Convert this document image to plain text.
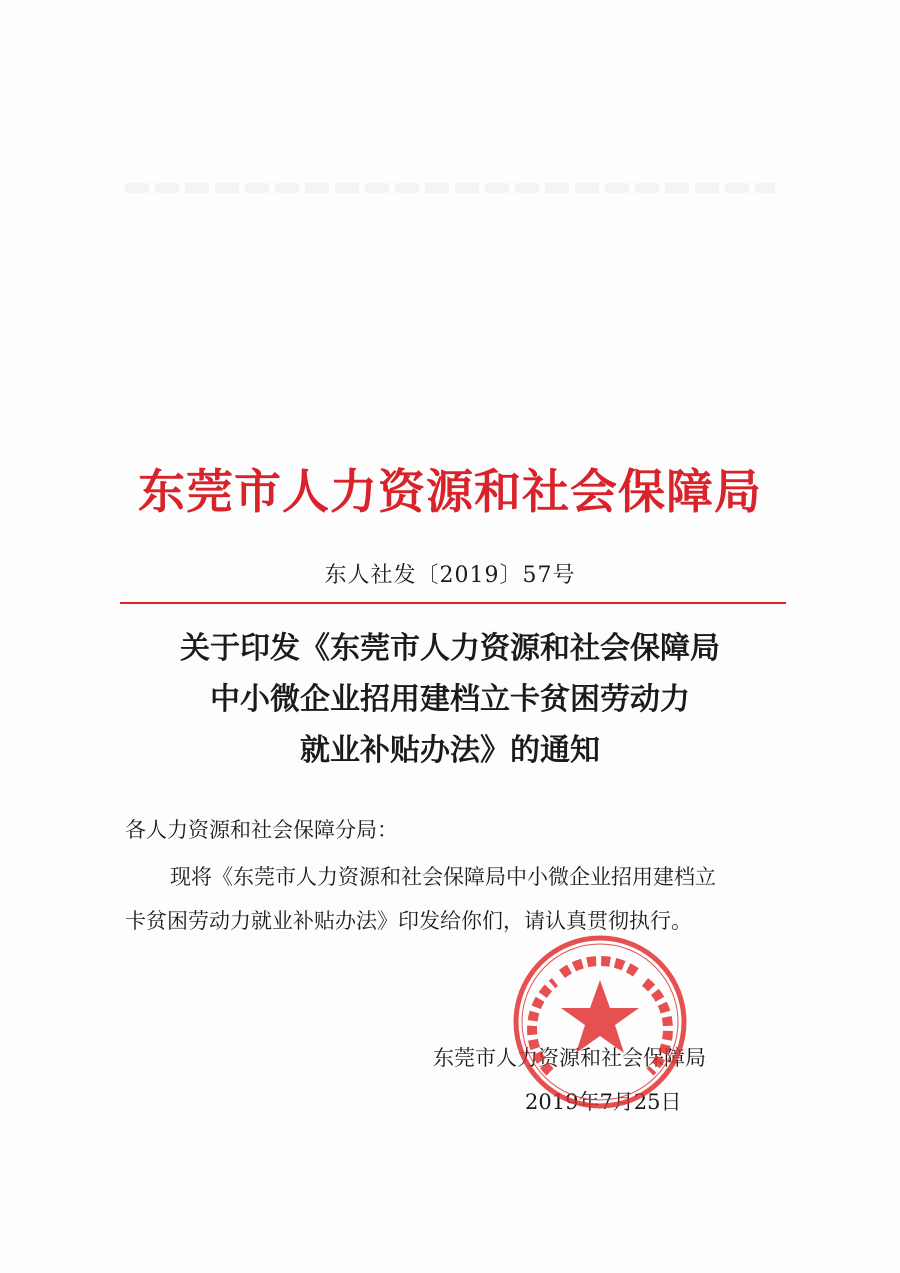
东莞市人力资源和社会保障局
东人社发〔2019〕57号
关于印发《东莞市人力资源和社会保障局
中小微企业招用建档立卡贫困劳动力
就业补贴办法》的通知
各人力资源和社会保障分局：
现将《东莞市人力资源和社会保障局中小微企业招用建档立
卡贫困劳动力就业补贴办法》印发给你们，请认真贯彻执行。
东莞市人力资源和社会保障局
2019年7月25日
